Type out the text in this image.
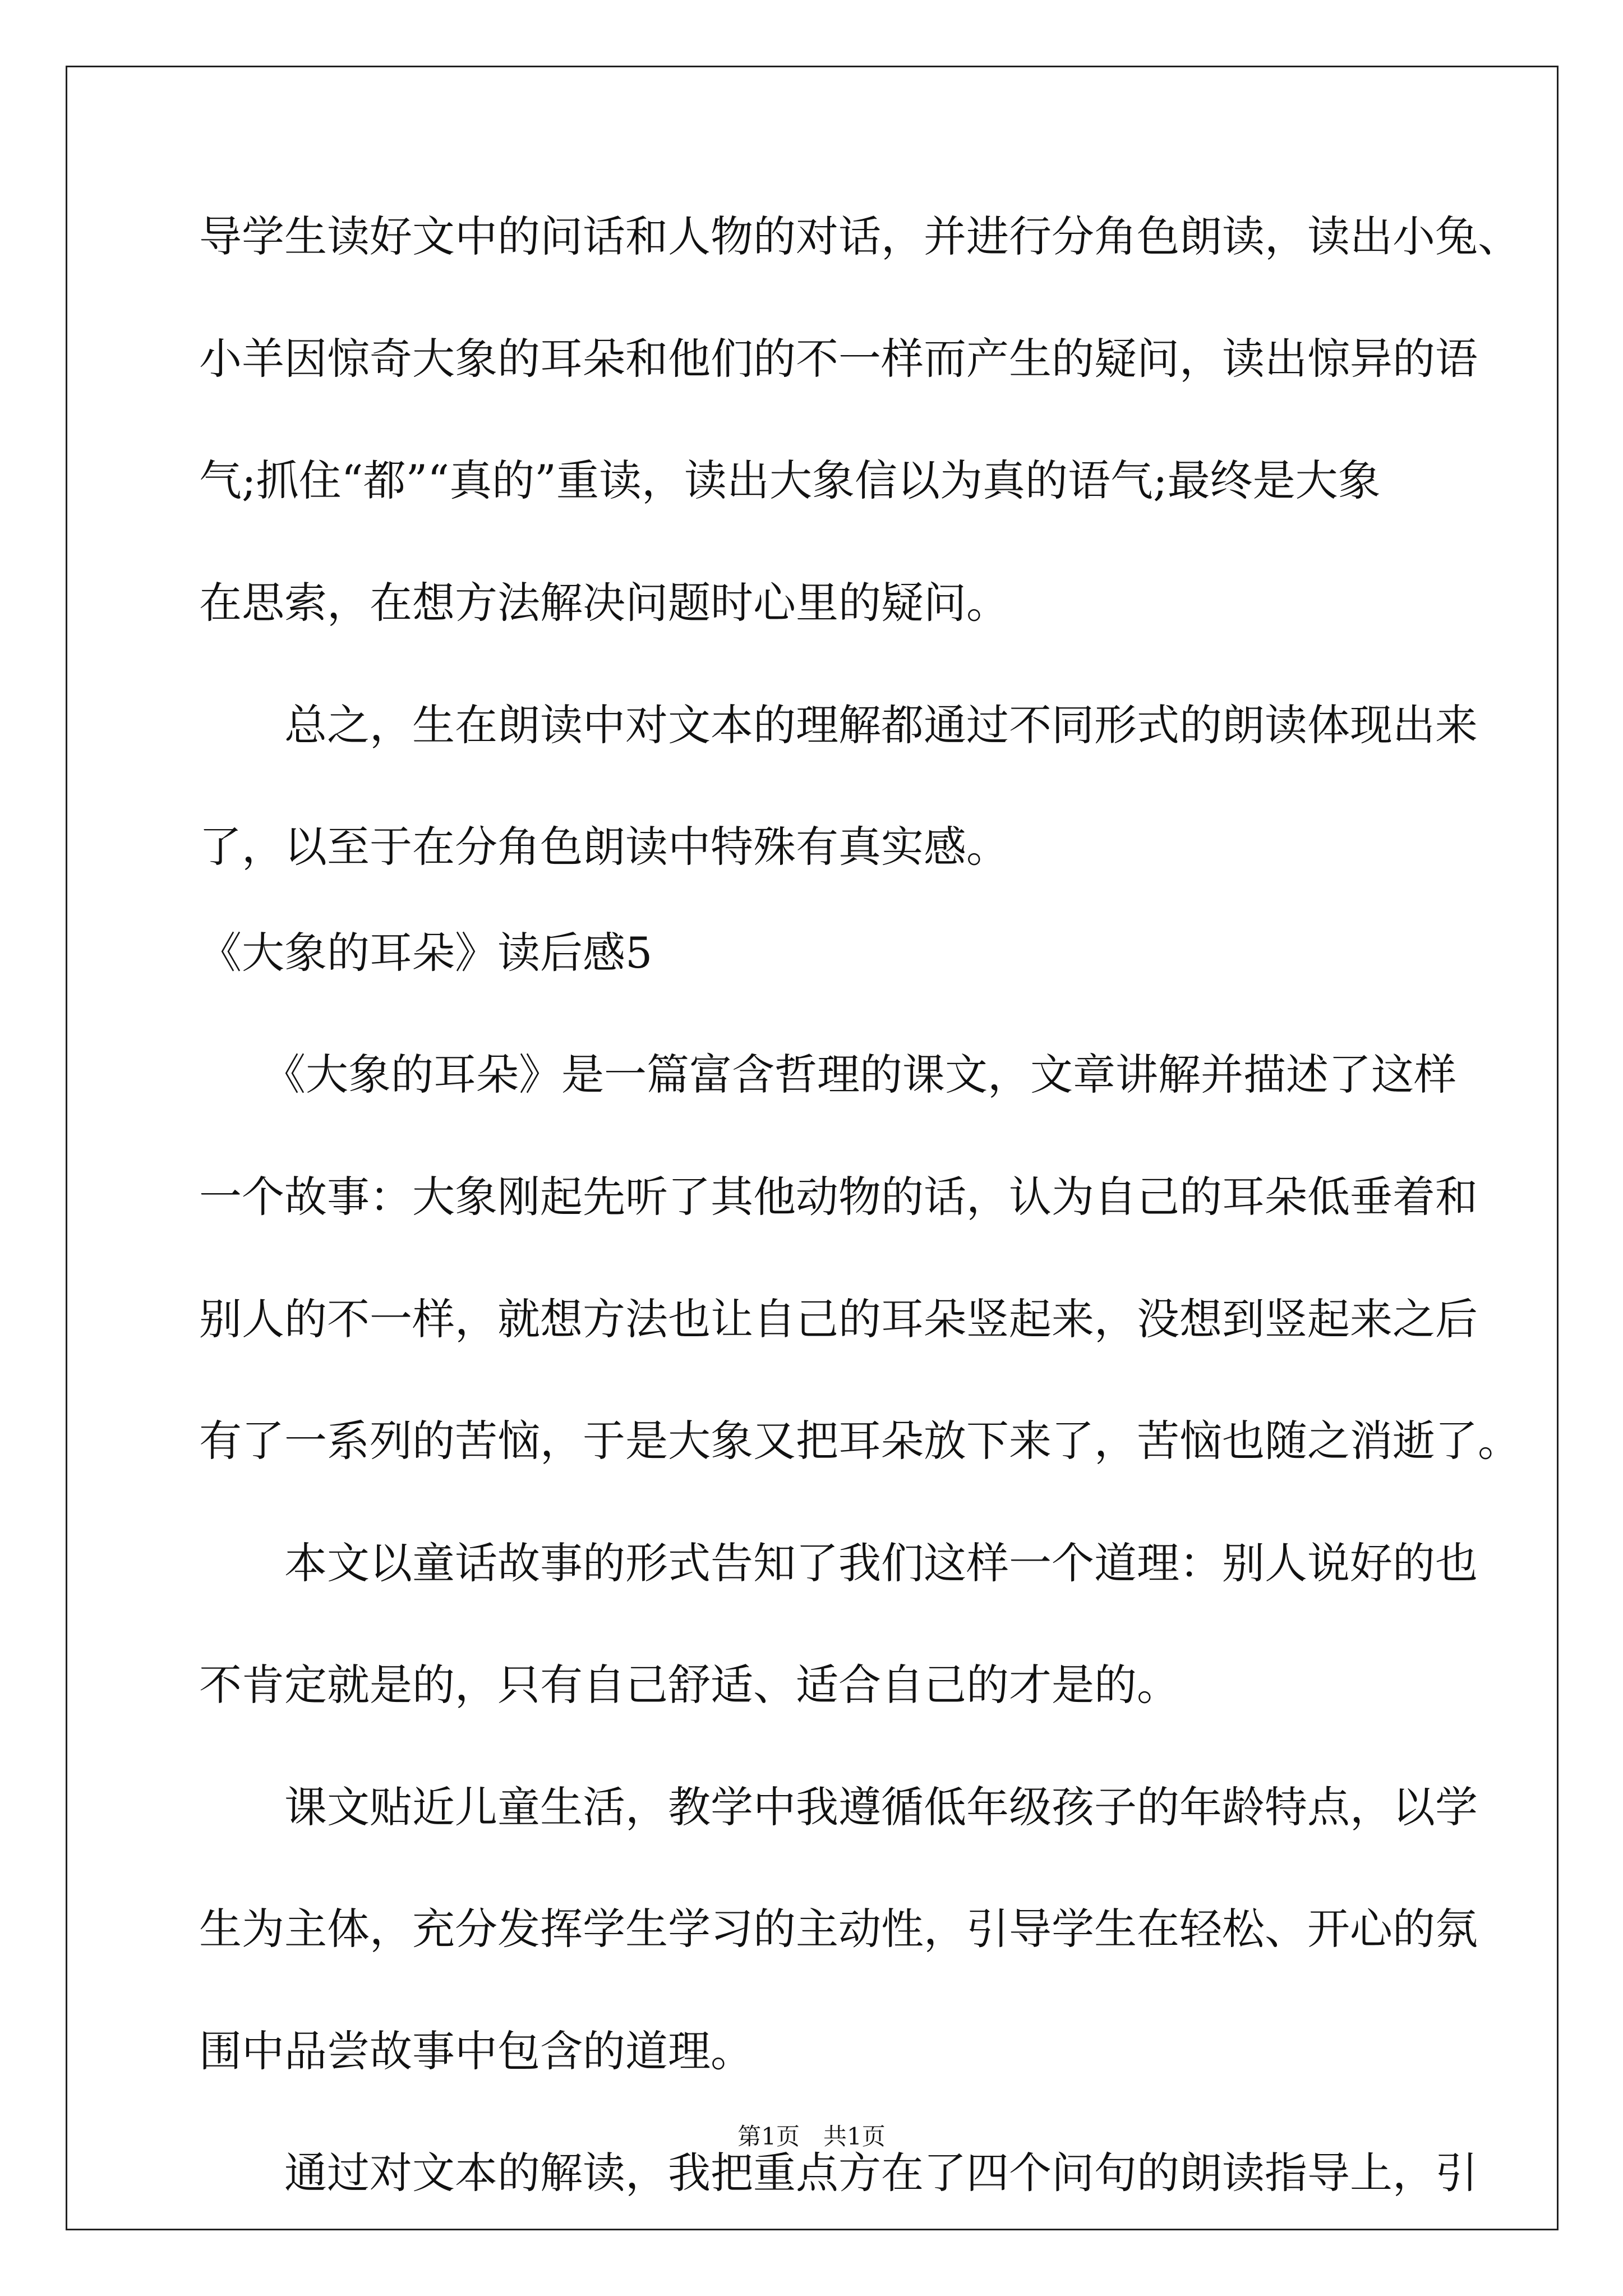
导学生读好文中的问话和人物的对话，并进行分角色朗读，读出小兔、
小羊因惊奇大象的耳朵和他们的不一样而产生的疑问，读出惊异的语
气;抓住“都”“真的”重读，读出大象信以为真的语气;最终是大象
在思索，在想方法解决问题时心里的疑问。
　　总之，生在朗读中对文本的理解都通过不同形式的朗读体现出来
了，以至于在分角色朗读中特殊有真实感。
《大象的耳朵》读后感5
　　《大象的耳朵》是一篇富含哲理的课文，文章讲解并描述了这样
一个故事：大象刚起先听了其他动物的话，认为自己的耳朵低垂着和
别人的不一样，就想方法也让自己的耳朵竖起来，没想到竖起来之后
有了一系列的苦恼，于是大象又把耳朵放下来了，苦恼也随之消逝了。
　　本文以童话故事的形式告知了我们这样一个道理：别人说好的也
不肯定就是的，只有自己舒适、适合自己的才是的。
　　课文贴近儿童生活，教学中我遵循低年级孩子的年龄特点，以学
生为主体，充分发挥学生学习的主动性，引导学生在轻松、开心的氛
围中品尝故事中包含的道理。
　　通过对文本的解读，我把重点方在了四个问句的朗读指导上，引
第1页　共1页
